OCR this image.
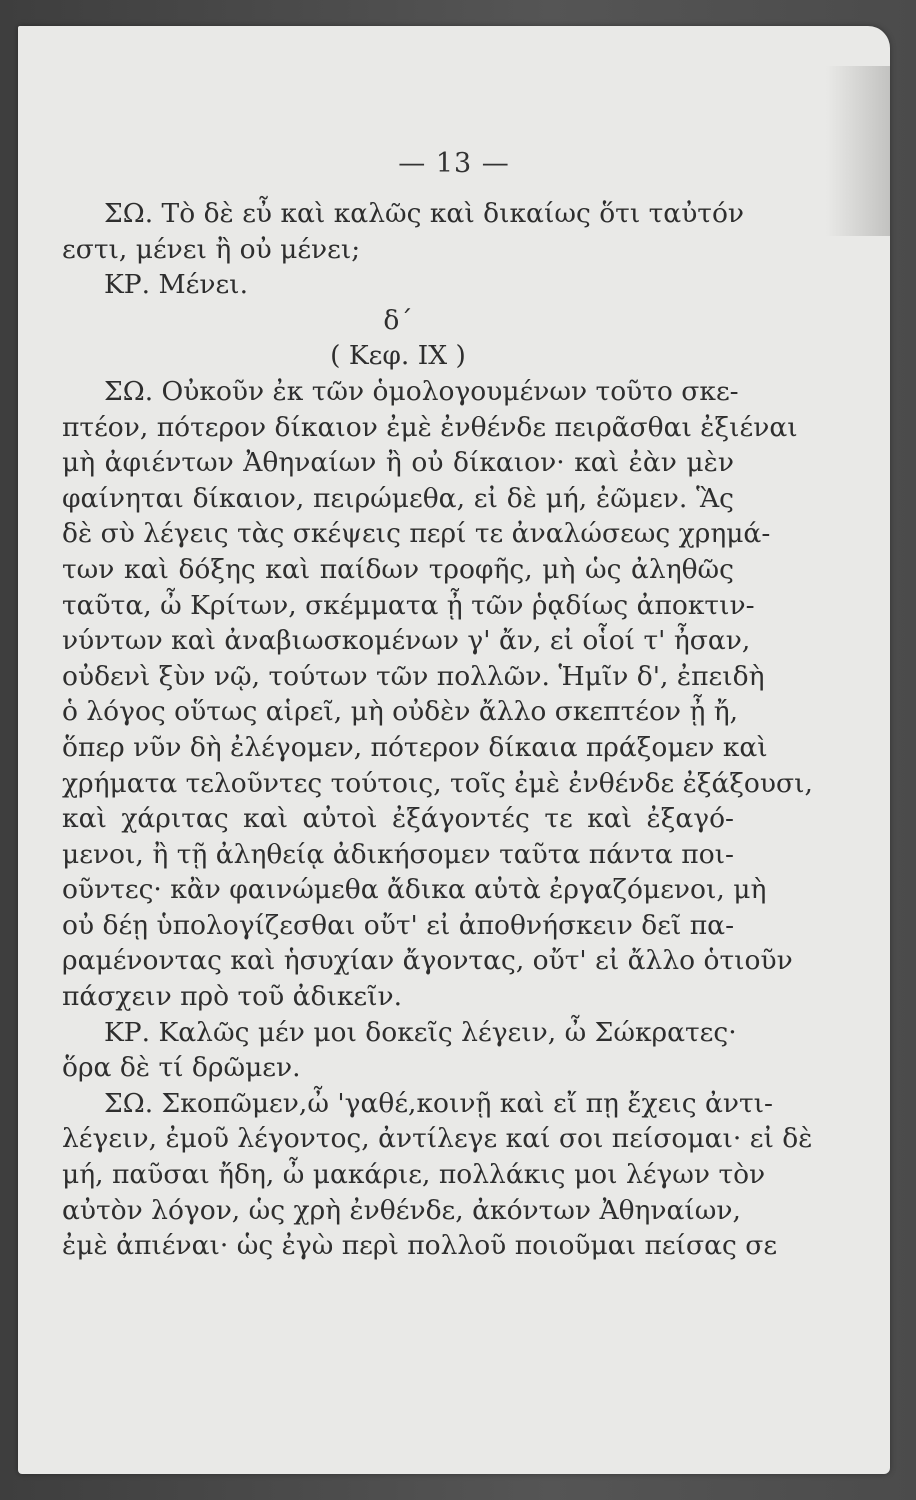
— 13 —
ΣΩ. Τὸ δὲ εὖ καὶ καλῶς καὶ δικαίως ὅτι ταὐτόν
εστι, μένει ἢ οὐ μένει;
ΚΡ. Μένει.
δ΄
( Κεφ. IX )
ΣΩ. Οὐκοῦν ἐκ τῶν ὁμολογουμένων τοῦτο σκε-
πτέον, πότερον δίκαιον ἐμὲ ἐνθένδε πειρᾶσθαι ἐξιέναι
μὴ ἀφιέντων Ἀθηναίων ἢ οὐ δίκαιον· καὶ ἐὰν μὲν
φαίνηται δίκαιον, πειρώμεθα, εἰ δὲ μή, ἐῶμεν. Ἃς
δὲ σὺ λέγεις τὰς σκέψεις περί τε ἀναλώσεως χρημά-
των καὶ δόξης καὶ παίδων τροφῆς, μὴ ὡς ἀληθῶς
ταῦτα, ὦ Κρίτων, σκέμματα ᾖ τῶν ῥᾳδίως ἀποκτιν-
νύντων καὶ ἀναβιωσκομένων γ' ἄν, εἰ οἷοί τ' ἦσαν,
οὐδενὶ ξὺν νῷ, τούτων τῶν πολλῶν. Ἡμῖν δ', ἐπειδὴ
ὁ λόγος οὕτως αἱρεῖ, μὴ οὐδὲν ἄλλο σκεπτέον ᾖ ἤ,
ὅπερ νῦν δὴ ἐλέγομεν, πότερον δίκαια πράξομεν καὶ
χρήματα τελοῦντες τούτοις, τοῖς ἐμὲ ἐνθένδε ἐξάξουσι,
καὶ χάριτας καὶ αὐτοὶ ἐξάγοντές τε καὶ ἐξαγό-
μενοι, ἢ τῇ ἀληθείᾳ ἀδικήσομεν ταῦτα πάντα ποι-
οῦντες· κἂν φαινώμεθα ἄδικα αὐτὰ ἐργαζόμενοι, μὴ
οὐ δέῃ ὑπολογίζεσθαι οὔτ' εἰ ἀποθνήσκειν δεῖ πα-
ραμένοντας καὶ ἡσυχίαν ἄγοντας, οὔτ' εἰ ἄλλο ὁτιοῦν
πάσχειν πρὸ τοῦ ἀδικεῖν.
ΚΡ. Καλῶς μέν μοι δοκεῖς λέγειν, ὦ Σώκρατες·
ὅρα δὲ τί δρῶμεν.
ΣΩ. Σκοπῶμεν,ὦ 'γαθέ,κοινῇ καὶ εἴ πῃ ἔχεις ἀντι-
λέγειν, ἐμοῦ λέγοντος, ἀντίλεγε καί σοι πείσομαι· εἰ δὲ
μή, παῦσαι ἤδη, ὦ μακάριε, πολλάκις μοι λέγων τὸν
αὐτὸν λόγον, ὡς χρὴ ἐνθένδε, ἀκόντων Ἀθηναίων,
ἐμὲ ἀπιέναι· ὡς ἐγὼ περὶ πολλοῦ ποιοῦμαι πείσας σε
